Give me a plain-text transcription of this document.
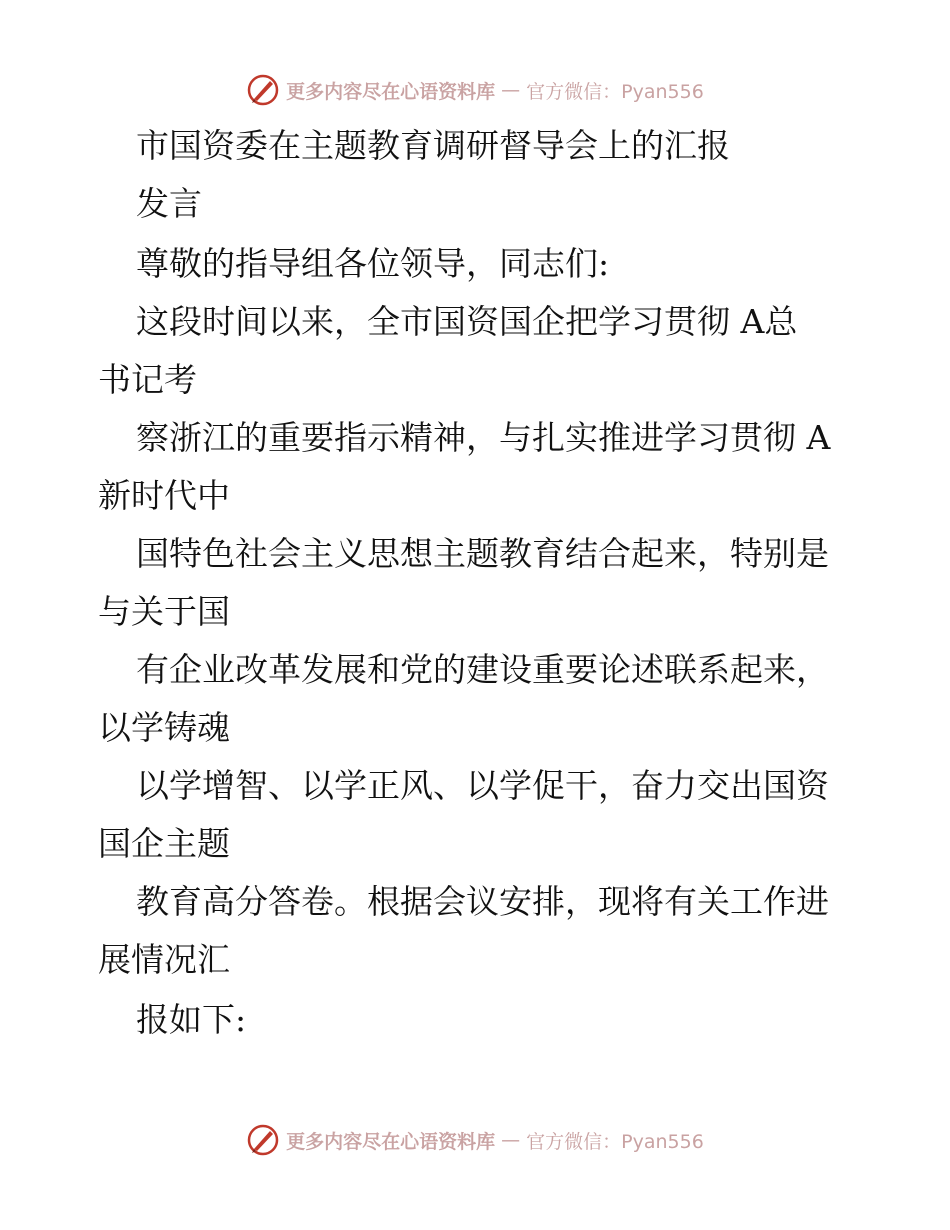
更多内容尽在心语资料库 — 官方微信：Pyan556
市国资委在主题教育调研督导会上的汇报
发言
尊敬的指导组各位领导，同志们:
这段时间以来，全市国资国企把学习贯彻 A总
书记考
察浙江的重要指示精神，与扎实推进学习贯彻 A
新时代中
国特色社会主义思想主题教育结合起来，特别是
与关于国
有企业改革发展和党的建设重要论述联系起来，
以学铸魂
以学增智、以学正风、以学促干，奋力交出国资
国企主题
教育高分答卷。根据会议安排，现将有关工作进
展情况汇
报如下:
更多内容尽在心语资料库 — 官方微信：Pyan556
